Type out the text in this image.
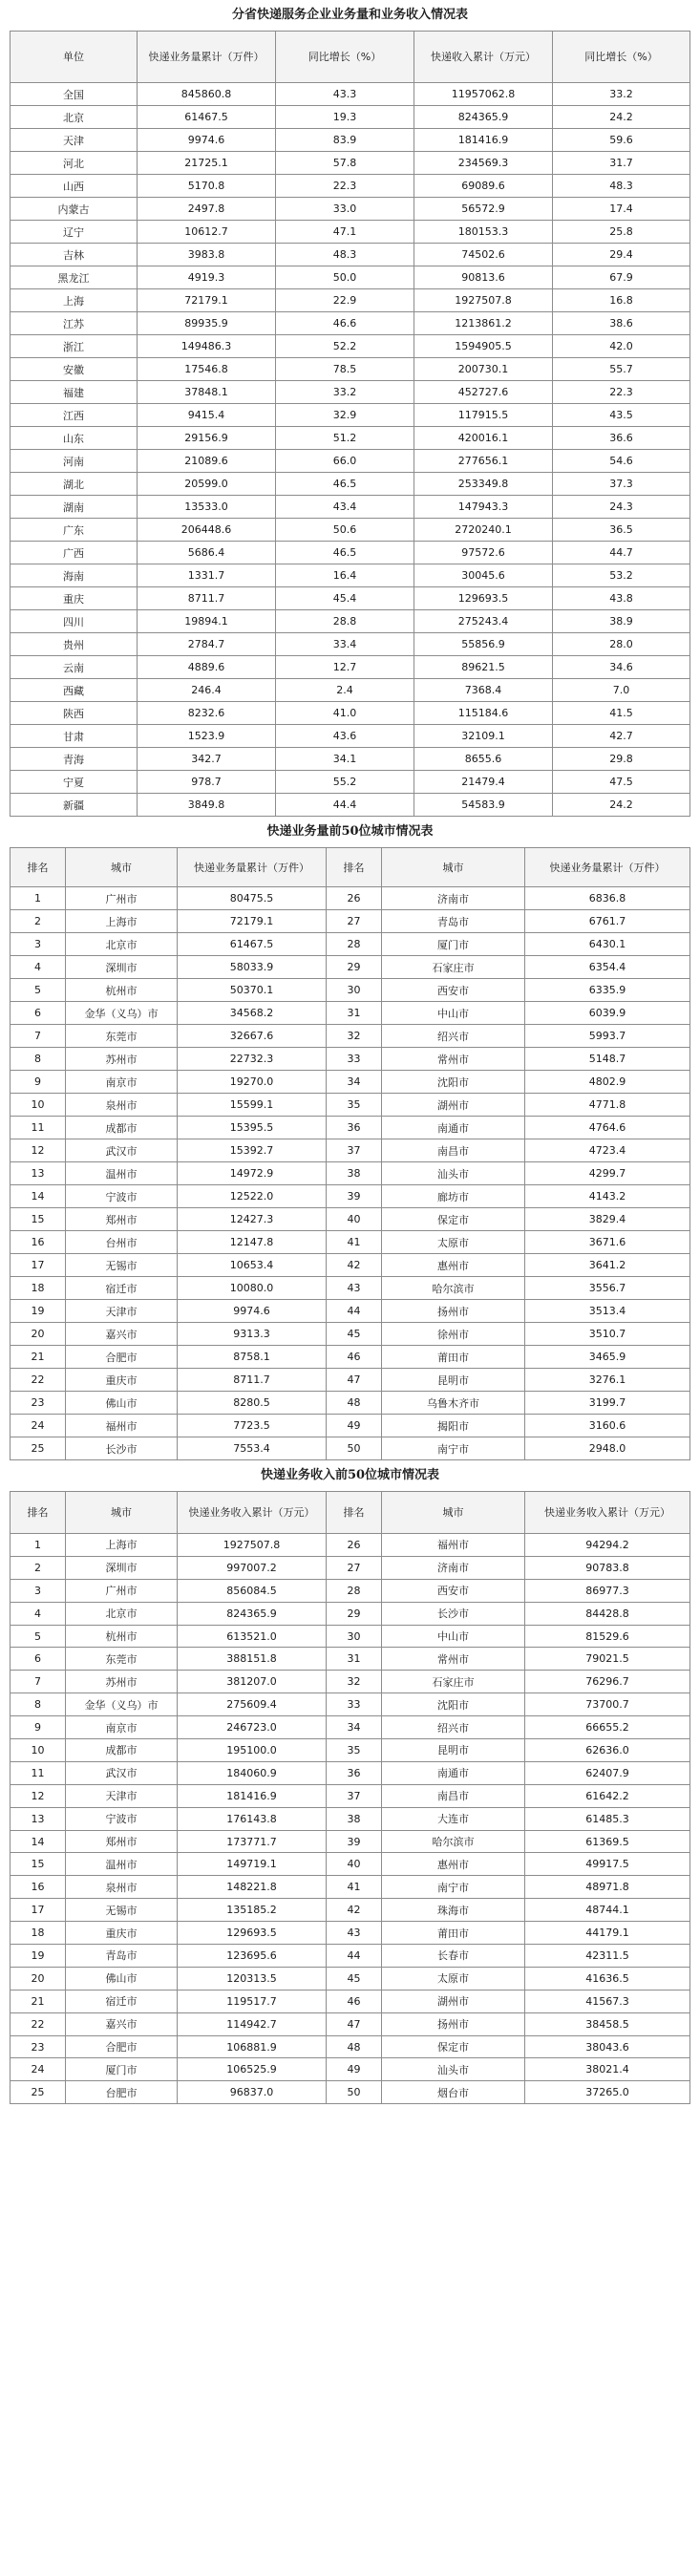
分省快递服务企业业务量和业务收入情况表
单位	快递业务量累计（万件）	同比增长（%）	快递收入累计（万元）	同比增长（%）

全国	845860.8	43.3	11957062.8	33.2
北京	61467.5	19.3	824365.9	24.2
天津	9974.6	83.9	181416.9	59.6
河北	21725.1	57.8	234569.3	31.7
山西	5170.8	22.3	69089.6	48.3
内蒙古	2497.8	33.0	56572.9	17.4
辽宁	10612.7	47.1	180153.3	25.8
吉林	3983.8	48.3	74502.6	29.4
黑龙江	4919.3	50.0	90813.6	67.9
上海	72179.1	22.9	1927507.8	16.8
江苏	89935.9	46.6	1213861.2	38.6
浙江	149486.3	52.2	1594905.5	42.0
安徽	17546.8	78.5	200730.1	55.7
福建	37848.1	33.2	452727.6	22.3
江西	9415.4	32.9	117915.5	43.5
山东	29156.9	51.2	420016.1	36.6
河南	21089.6	66.0	277656.1	54.6
湖北	20599.0	46.5	253349.8	37.3
湖南	13533.0	43.4	147943.3	24.3
广东	206448.6	50.6	2720240.1	36.5
广西	5686.4	46.5	97572.6	44.7
海南	1331.7	16.4	30045.6	53.2
重庆	8711.7	45.4	129693.5	43.8
四川	19894.1	28.8	275243.4	38.9
贵州	2784.7	33.4	55856.9	28.0
云南	4889.6	12.7	89621.5	34.6
西藏	246.4	2.4	7368.4	7.0
陕西	8232.6	41.0	115184.6	41.5
甘肃	1523.9	43.6	32109.1	42.7
青海	342.7	34.1	8655.6	29.8
宁夏	978.7	55.2	21479.4	47.5
新疆	3849.8	44.4	54583.9	24.2
快递业务量前50位城市情况表
排名	城市	快递业务量累计（万件）	排名	城市	快递业务量累计（万件）

1	广州市	80475.5	26	济南市	6836.8
2	上海市	72179.1	27	青岛市	6761.7
3	北京市	61467.5	28	厦门市	6430.1
4	深圳市	58033.9	29	石家庄市	6354.4
5	杭州市	50370.1	30	西安市	6335.9
6	金华（义乌）市	34568.2	31	中山市	6039.9
7	东莞市	32667.6	32	绍兴市	5993.7
8	苏州市	22732.3	33	常州市	5148.7
9	南京市	19270.0	34	沈阳市	4802.9
10	泉州市	15599.1	35	湖州市	4771.8
11	成都市	15395.5	36	南通市	4764.6
12	武汉市	15392.7	37	南昌市	4723.4
13	温州市	14972.9	38	汕头市	4299.7
14	宁波市	12522.0	39	廊坊市	4143.2
15	郑州市	12427.3	40	保定市	3829.4
16	台州市	12147.8	41	太原市	3671.6
17	无锡市	10653.4	42	惠州市	3641.2
18	宿迁市	10080.0	43	哈尔滨市	3556.7
19	天津市	9974.6	44	扬州市	3513.4
20	嘉兴市	9313.3	45	徐州市	3510.7
21	合肥市	8758.1	46	莆田市	3465.9
22	重庆市	8711.7	47	昆明市	3276.1
23	佛山市	8280.5	48	乌鲁木齐市	3199.7
24	福州市	7723.5	49	揭阳市	3160.6
25	长沙市	7553.4	50	南宁市	2948.0
快递业务收入前50位城市情况表
排名	城市	快递业务收入累计（万元）	排名	城市	快递业务收入累计（万元）

1	上海市	1927507.8	26	福州市	94294.2
2	深圳市	997007.2	27	济南市	90783.8
3	广州市	856084.5	28	西安市	86977.3
4	北京市	824365.9	29	长沙市	84428.8
5	杭州市	613521.0	30	中山市	81529.6
6	东莞市	388151.8	31	常州市	79021.5
7	苏州市	381207.0	32	石家庄市	76296.7
8	金华（义乌）市	275609.4	33	沈阳市	73700.7
9	南京市	246723.0	34	绍兴市	66655.2
10	成都市	195100.0	35	昆明市	62636.0
11	武汉市	184060.9	36	南通市	62407.9
12	天津市	181416.9	37	南昌市	61642.2
13	宁波市	176143.8	38	大连市	61485.3
14	郑州市	173771.7	39	哈尔滨市	61369.5
15	温州市	149719.1	40	惠州市	49917.5
16	泉州市	148221.8	41	南宁市	48971.8
17	无锡市	135185.2	42	珠海市	48744.1
18	重庆市	129693.5	43	莆田市	44179.1
19	青岛市	123695.6	44	长春市	42311.5
20	佛山市	120313.5	45	太原市	41636.5
21	宿迁市	119517.7	46	湖州市	41567.3
22	嘉兴市	114942.7	47	扬州市	38458.5
23	合肥市	106881.9	48	保定市	38043.6
24	厦门市	106525.9	49	汕头市	38021.4
25	台肥市	96837.0	50	烟台市	37265.0
